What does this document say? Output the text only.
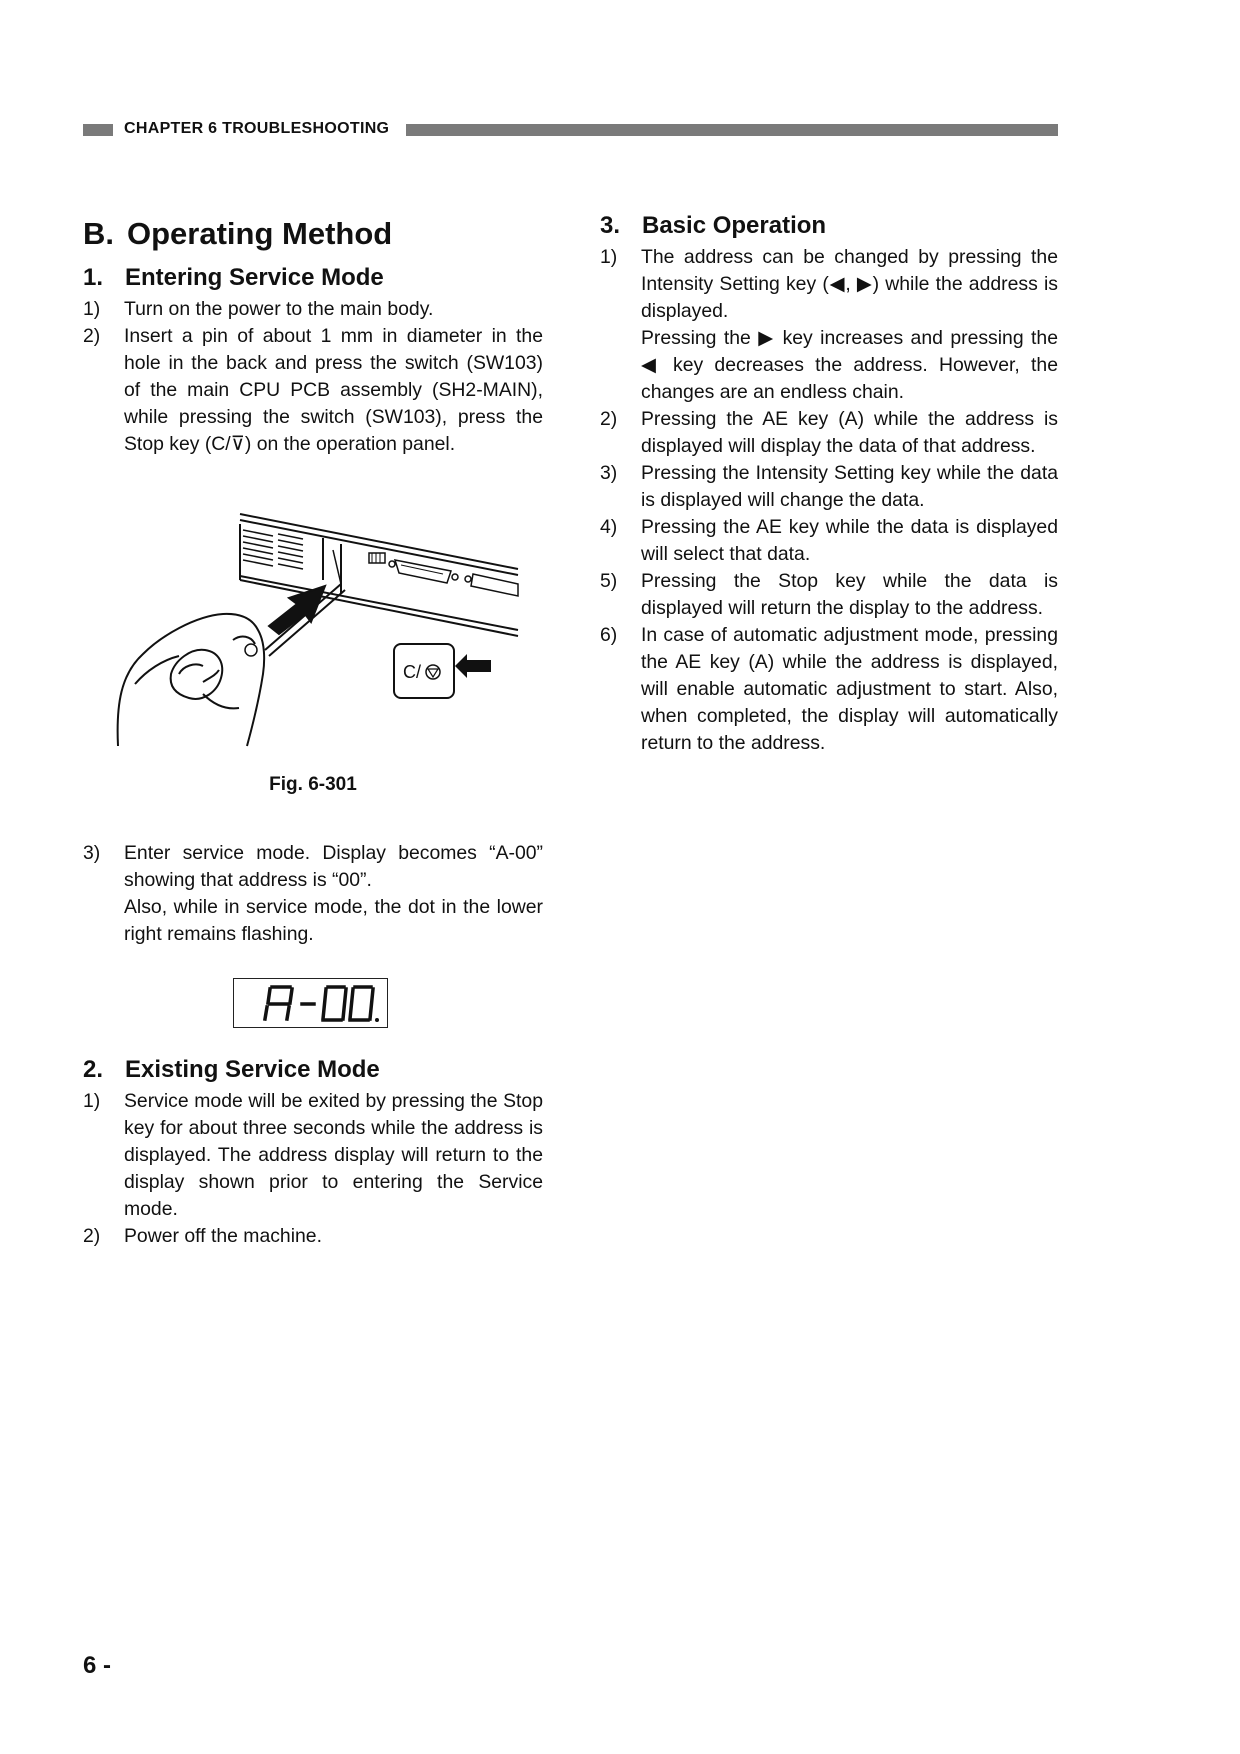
CHAPTER 6 TROUBLESHOOTING
B. Operating Method
1. Entering Service Mode
1)	Turn on the power to the main body.
2)	Insert a pin of about 1 mm in diameter in the hole in the back and press the switch (SW103) of the main CPU PCB assembly (SH2-MAIN), while pressing the switch (SW103), press the Stop key (C/⊽) on the operation panel.
C/
Fig. 6-301
3)	Enter service mode. Display becomes “A-00” showing that address is “00”.
Also, while in service mode, the dot in the lower right remains flashing.
2. Existing Service Mode
1)	Service mode will be exited by pressing the Stop key for about three seconds while the address is displayed. The address display will return to the display shown prior to entering the Service mode.
2)	Power off the machine.
3. Basic Operation
1)	The address can be changed by pressing the Intensity Setting key (◀, ▶) while the address is displayed.
Pressing the ▶ key increases and pressing the ◀ key decreases the address. However, the changes are an endless chain.
2)	Pressing the AE key (A) while the address is displayed will display the data of that address.
3)	Pressing the Intensity Setting key while the data is displayed will change the data.
4)	Pressing the AE key while the data is displayed will select that data.
5)	Pressing the Stop key while the data is displayed will return the display to the address.
6)	In case of automatic adjustment mode, pressing the AE key (A) while the address is displayed, will enable automatic adjustment to start. Also, when completed, the display will automatically return to the address.
6 -
